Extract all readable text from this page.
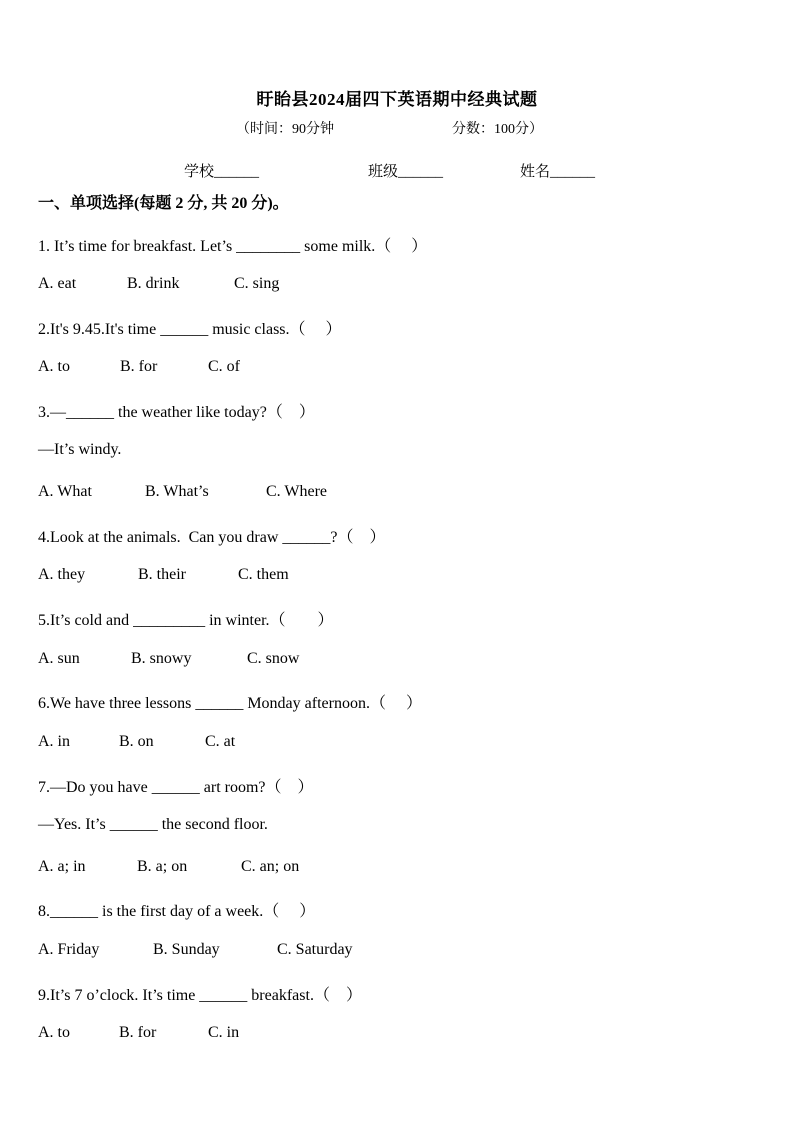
盱眙县2024届四下英语期中经典试题
（时间：90分钟	分数：100分）
学校______	班级______	姓名______
一、单项选择(每题 2 分, 共 20 分)。
1. It’s time for breakfast. Let’s ________ some milk.（　 ）
A. eat	B. drink	C. sing
2.It's 9.45.It's time ______ music class.（　 ）
A. to	B. for	C. of
3.—______ the weather like today?（　）
—It’s windy.
A. What	B. What’s	C. Where
4.Look at the animals.  Can you draw ______?（　）
A. they	B. their	C. them
5.It’s cold and _________ in winter.（　　）
A. sun	B. snowy	C. snow
6.We have three lessons ______ Monday afternoon.（　 ）
A. in	B. on	C. at
7.—Do you have ______ art room?（　）
—Yes. It’s ______ the second floor.
A. a; in	B. a; on	C. an; on
8.______ is the first day of a week.（　 ）
A. Friday	B. Sunday	C. Saturday
9.It’s 7 o’clock. It’s time ______ breakfast.（　）
A. to	B. for	C. in
